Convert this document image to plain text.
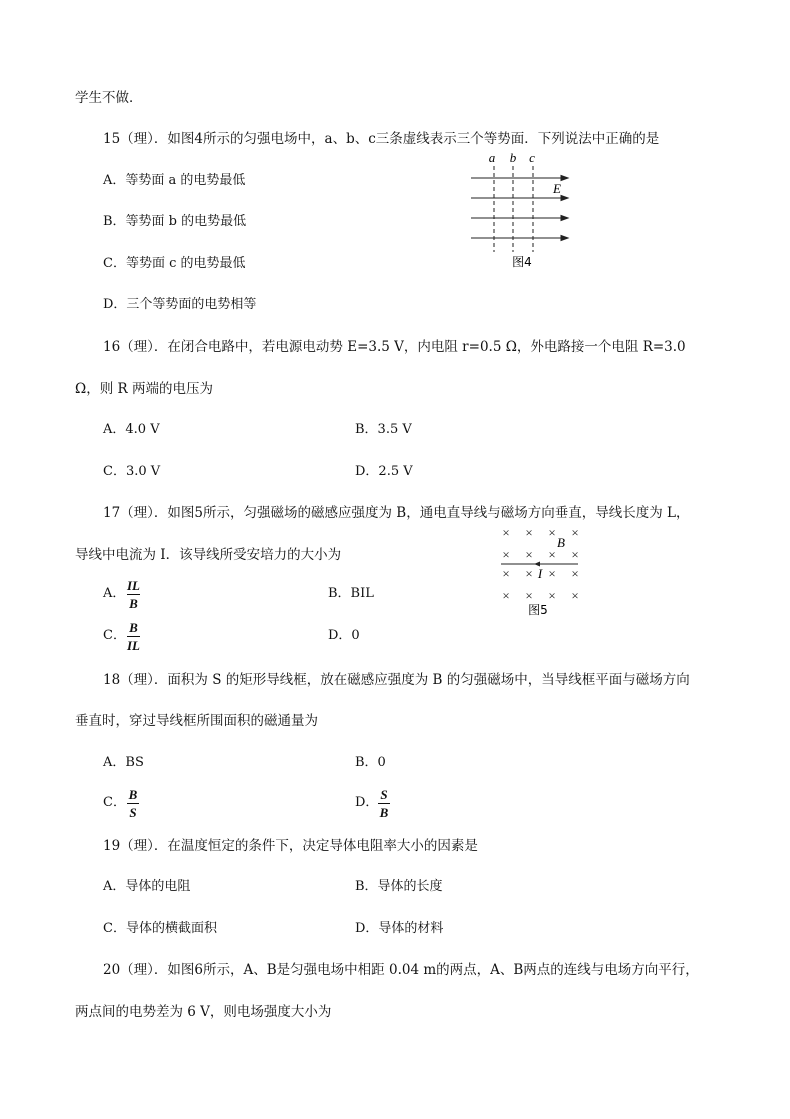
学生不做．
15（理）．如图4所示的匀强电场中，a、b、c三条虚线表示三个等势面．下列说法中正确的是
A．等势面 a 的电势最低
B．等势面 b 的电势最低
C．等势面 c 的电势最低
D．三个等势面的电势相等
a b c
E
图4
16（理）．在闭合电路中，若电源电动势 E=3.5 V，内电阻 r=0.5 Ω，外电路接一个电阻 R=3.0
Ω，则 R 两端的电压为
A．4.0 V	B．3.5 V
C．3.0 V	D．2.5 V
17（理）．如图5所示，匀强磁场的磁感应强度为 B，通电直导线与磁场方向垂直，导线长度为 L，
导线中电流为 I．该导线所受安培力的大小为
A．
IL
B
B．BIL
C．
B
IL
D．0
× × × ×
× × × ×
× × × ×
× × × ×
B
I
图5
18（理）．面积为 S 的矩形导线框，放在磁感应强度为 B 的匀强磁场中，当导线框平面与磁场方向
垂直时，穿过导线框所围面积的磁通量为
A．BS	B．0
C．
B
S
D．
S
B
19（理）．在温度恒定的条件下，决定导体电阻率大小的因素是
A．导体的电阻	B．导体的长度
C．导体的横截面积	D．导体的材料
20（理）．如图6所示，A、B是匀强电场中相距 0.04 m的两点，A、B两点的连线与电场方向平行，
两点间的电势差为 6 V，则电场强度大小为
